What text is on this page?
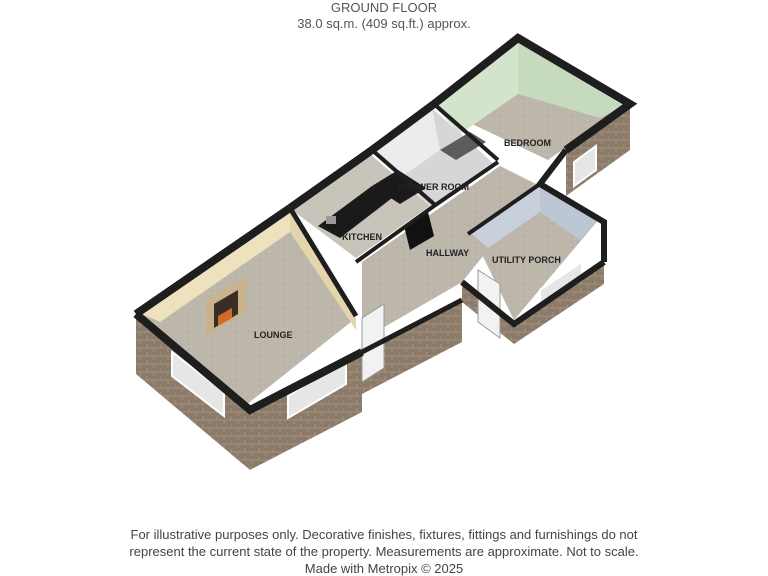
GROUND FLOOR
38.0 sq.m. (409 sq.ft.) approx.
LOUNGE
KITCHEN
SHOWER ROOM
BEDROOM
HALLWAY
UTILITY PORCH
For illustrative purposes only. Decorative finishes, fixtures, fittings and furnishings do not
represent the current state of the property. Measurements are approximate. Not to scale.
Made with Metropix © 2025
